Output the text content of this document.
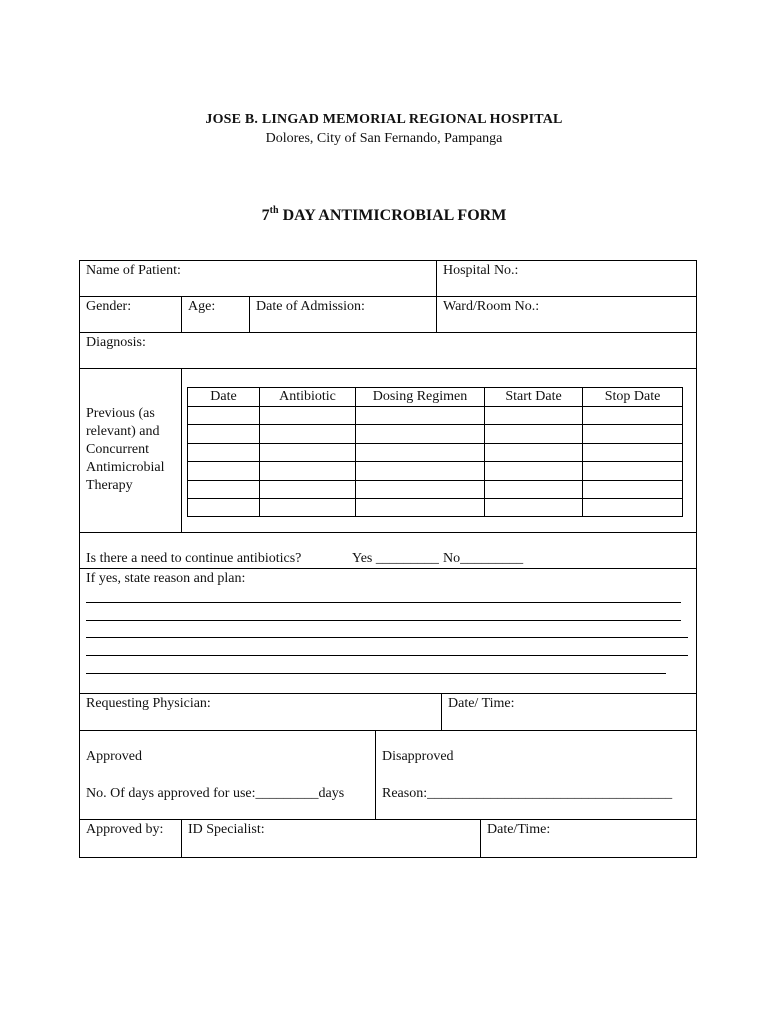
JOSE B. LINGAD MEMORIAL REGIONAL HOSPITAL
Dolores, City of San Fernando, Pampanga
7th DAY ANTIMICROBIAL FORM
Name of Patient:	Hospital No.:
Gender:	Age:	Date of Admission:	Ward/Room No.:
Diagnosis:
Previous (as relevant) and Concurrent Antimicrobial Therapy
Date	Antibiotic	Dosing Regimen	Start Date	Stop Date
Is there a need to continue antibiotics?	Yes _________ No_________
If yes, state reason and plan:
Requesting Physician:	Date/ Time:
Approved
No. Of days approved for use:_________days
Disapproved
Reason:___________________________________
Approved by: ID Specialist:	Date/Time:
